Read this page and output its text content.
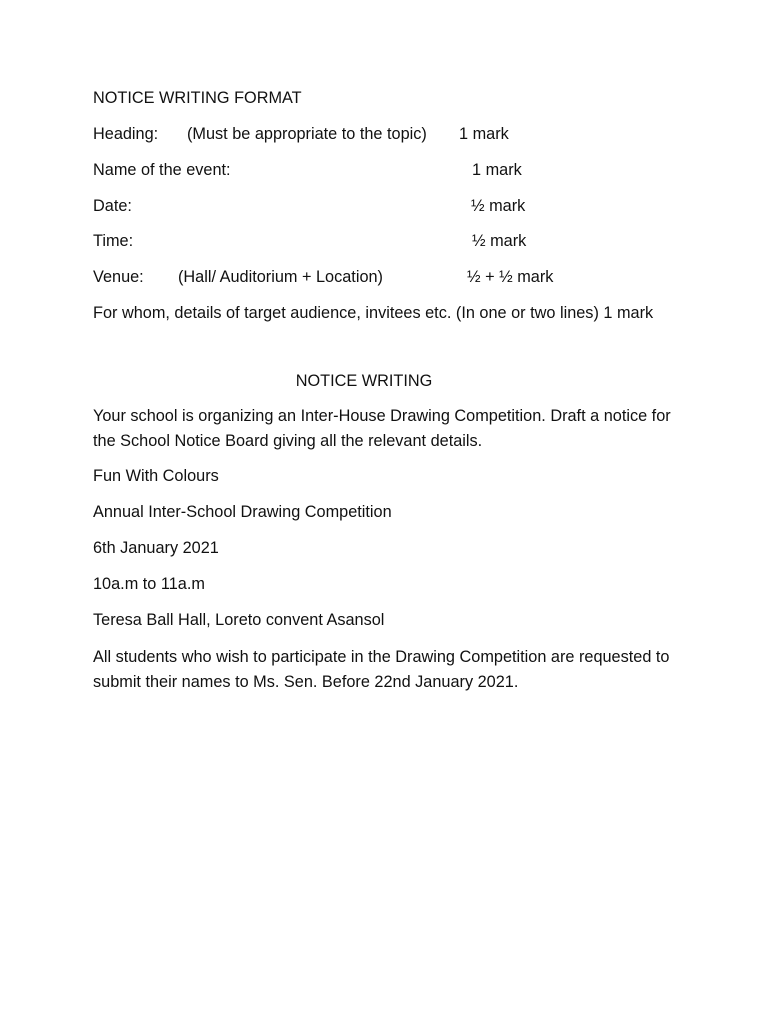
NOTICE WRITING FORMAT
Heading: (Must be appropriate to the topic) 1 mark
Name of the event:	1 mark
Date:	½ mark
Time:	½ mark
Venue: (Hall/ Auditorium + Location)	½ + ½ mark
For whom, details of target audience, invitees etc. (In one or two lines) 1 mark
NOTICE WRITING
Your school is organizing an Inter-House Drawing Competition. Draft a notice for the School Notice Board giving all the relevant details.
Fun With Colours
Annual Inter-School Drawing Competition
6th January 2021
10a.m to 11a.m
Teresa Ball Hall, Loreto convent Asansol
All students who wish to participate in the Drawing Competition are requested to submit their names to Ms. Sen. Before 22nd January 2021.
